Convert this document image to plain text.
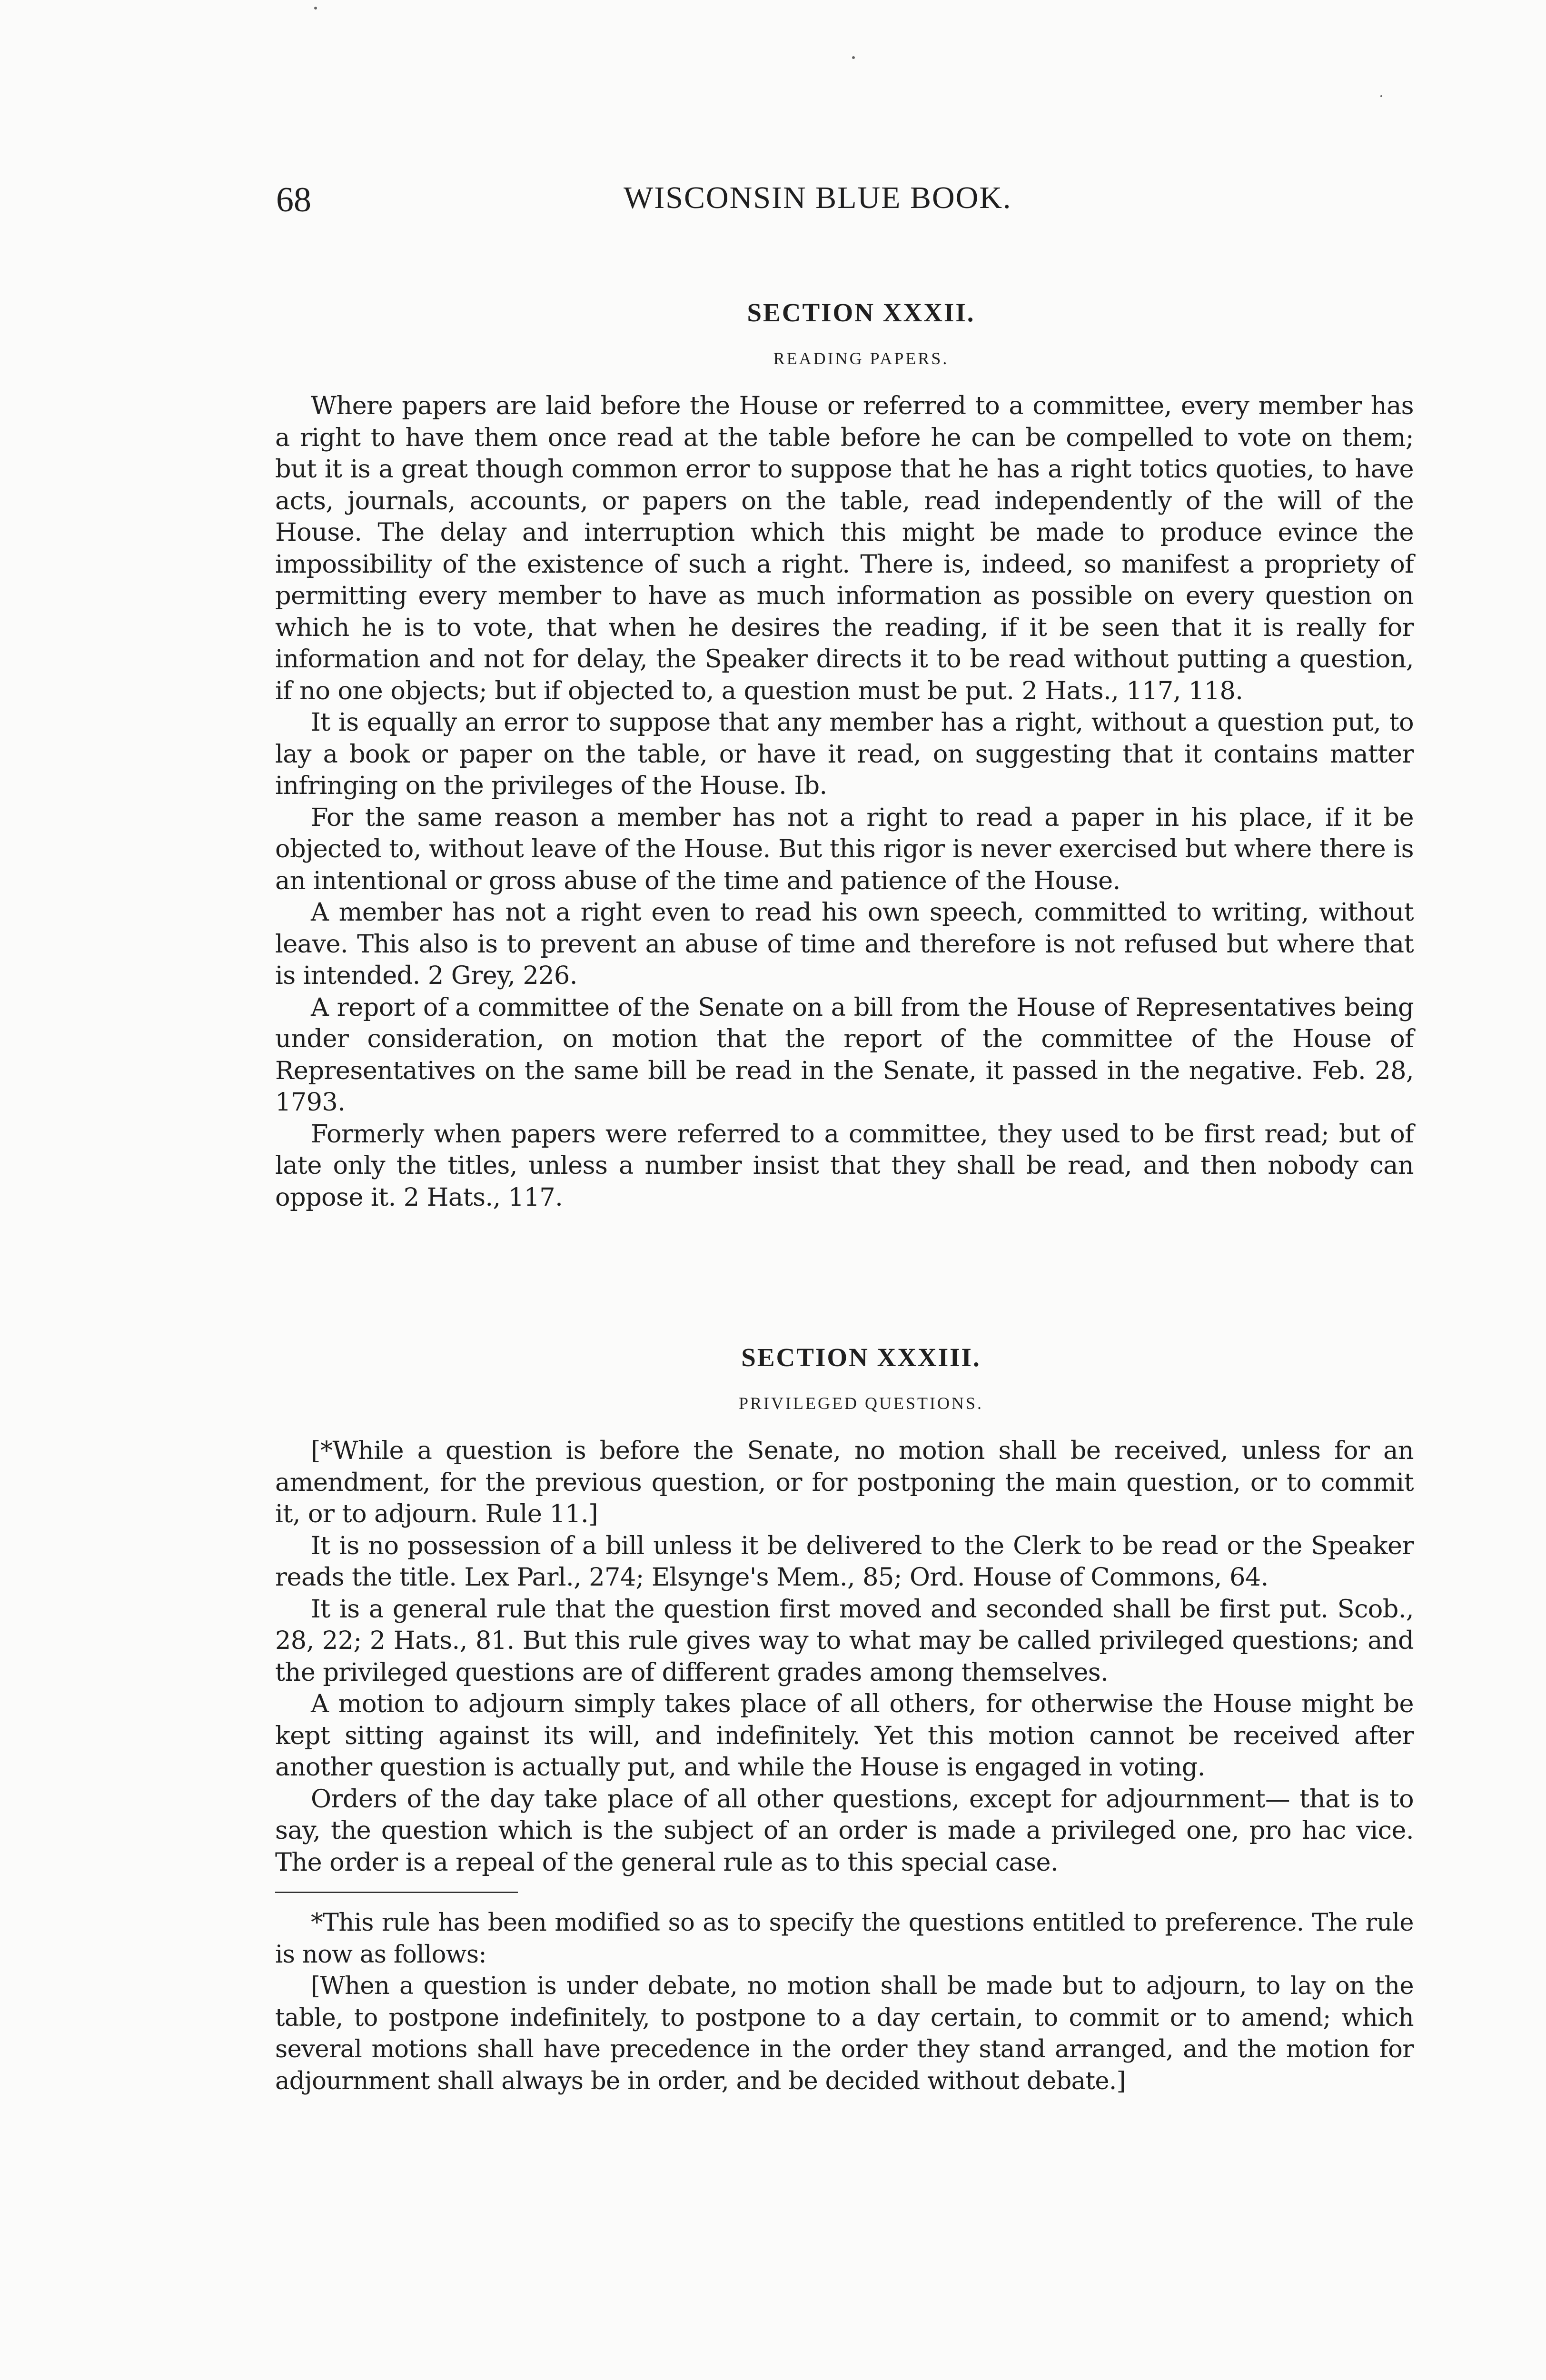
68	WISCONSIN BLUE BOOK.
SECTION XXXII.
READING PAPERS.

Where papers are laid before the House or referred to a committee, every member has a right to have them once read at the table before he can be compelled to vote on them; but it is a great though common error to suppose that he has a right totics quoties, to have acts, journals, accounts, or papers on the table, read independently of the will of the House. The delay and interruption which this might be made to produce evince the impossibility of the existence of such a right. There is, indeed, so manifest a propriety of permitting every member to have as much information as possible on every question on which he is to vote, that when he desires the reading, if it be seen that it is really for information and not for delay, the Speaker directs it to be read without putting a question, if no one objects; but if objected to, a question must be put. 2 Hats., 117, 118.

It is equally an error to suppose that any member has a right, without a question put, to lay a book or paper on the table, or have it read, on suggesting that it contains matter infringing on the privileges of the House. Ib.

For the same reason a member has not a right to read a paper in his place, if it be objected to, without leave of the House. But this rigor is never exercised but where there is an intentional or gross abuse of the time and patience of the House.

A member has not a right even to read his own speech, committed to writing, without leave. This also is to prevent an abuse of time and therefore is not refused but where that is intended. 2 Grey, 226.

A report of a committee of the Senate on a bill from the House of Representatives being under consideration, on motion that the report of the committee of the House of Representatives on the same bill be read in the Senate, it passed in the negative. Feb. 28, 1793.

Formerly when papers were referred to a committee, they used to be first read; but of late only the titles, unless a number insist that they shall be read, and then nobody can oppose it. 2 Hats., 117.

SECTION XXXIII.
PRIVILEGED QUESTIONS.

[*While a question is before the Senate, no motion shall be received, unless for an amendment, for the previous question, or for postponing the main question, or to commit it, or to adjourn. Rule 11.]

It is no possession of a bill unless it be delivered to the Clerk to be read or the Speaker reads the title. Lex Parl., 274; Elsynge's Mem., 85; Ord. House of Commons, 64.

It is a general rule that the question first moved and seconded shall be first put. Scob., 28, 22; 2 Hats., 81. But this rule gives way to what may be called privileged questions; and the privileged questions are of different grades among themselves.

A motion to adjourn simply takes place of all others, for otherwise the House might be kept sitting against its will, and indefinitely. Yet this motion cannot be received after another question is actually put, and while the House is engaged in voting.

Orders of the day take place of all other questions, except for adjournment— that is to say, the question which is the subject of an order is made a privileged one, pro hac vice. The order is a repeal of the general rule as to this special case.

*This rule has been modified so as to specify the questions entitled to preference. The rule is now as follows:

[When a question is under debate, no motion shall be made but to adjourn, to lay on the table, to postpone indefinitely, to postpone to a day certain, to commit or to amend; which several motions shall have precedence in the order they stand arranged, and the motion for adjournment shall always be in order, and be decided without debate.]
